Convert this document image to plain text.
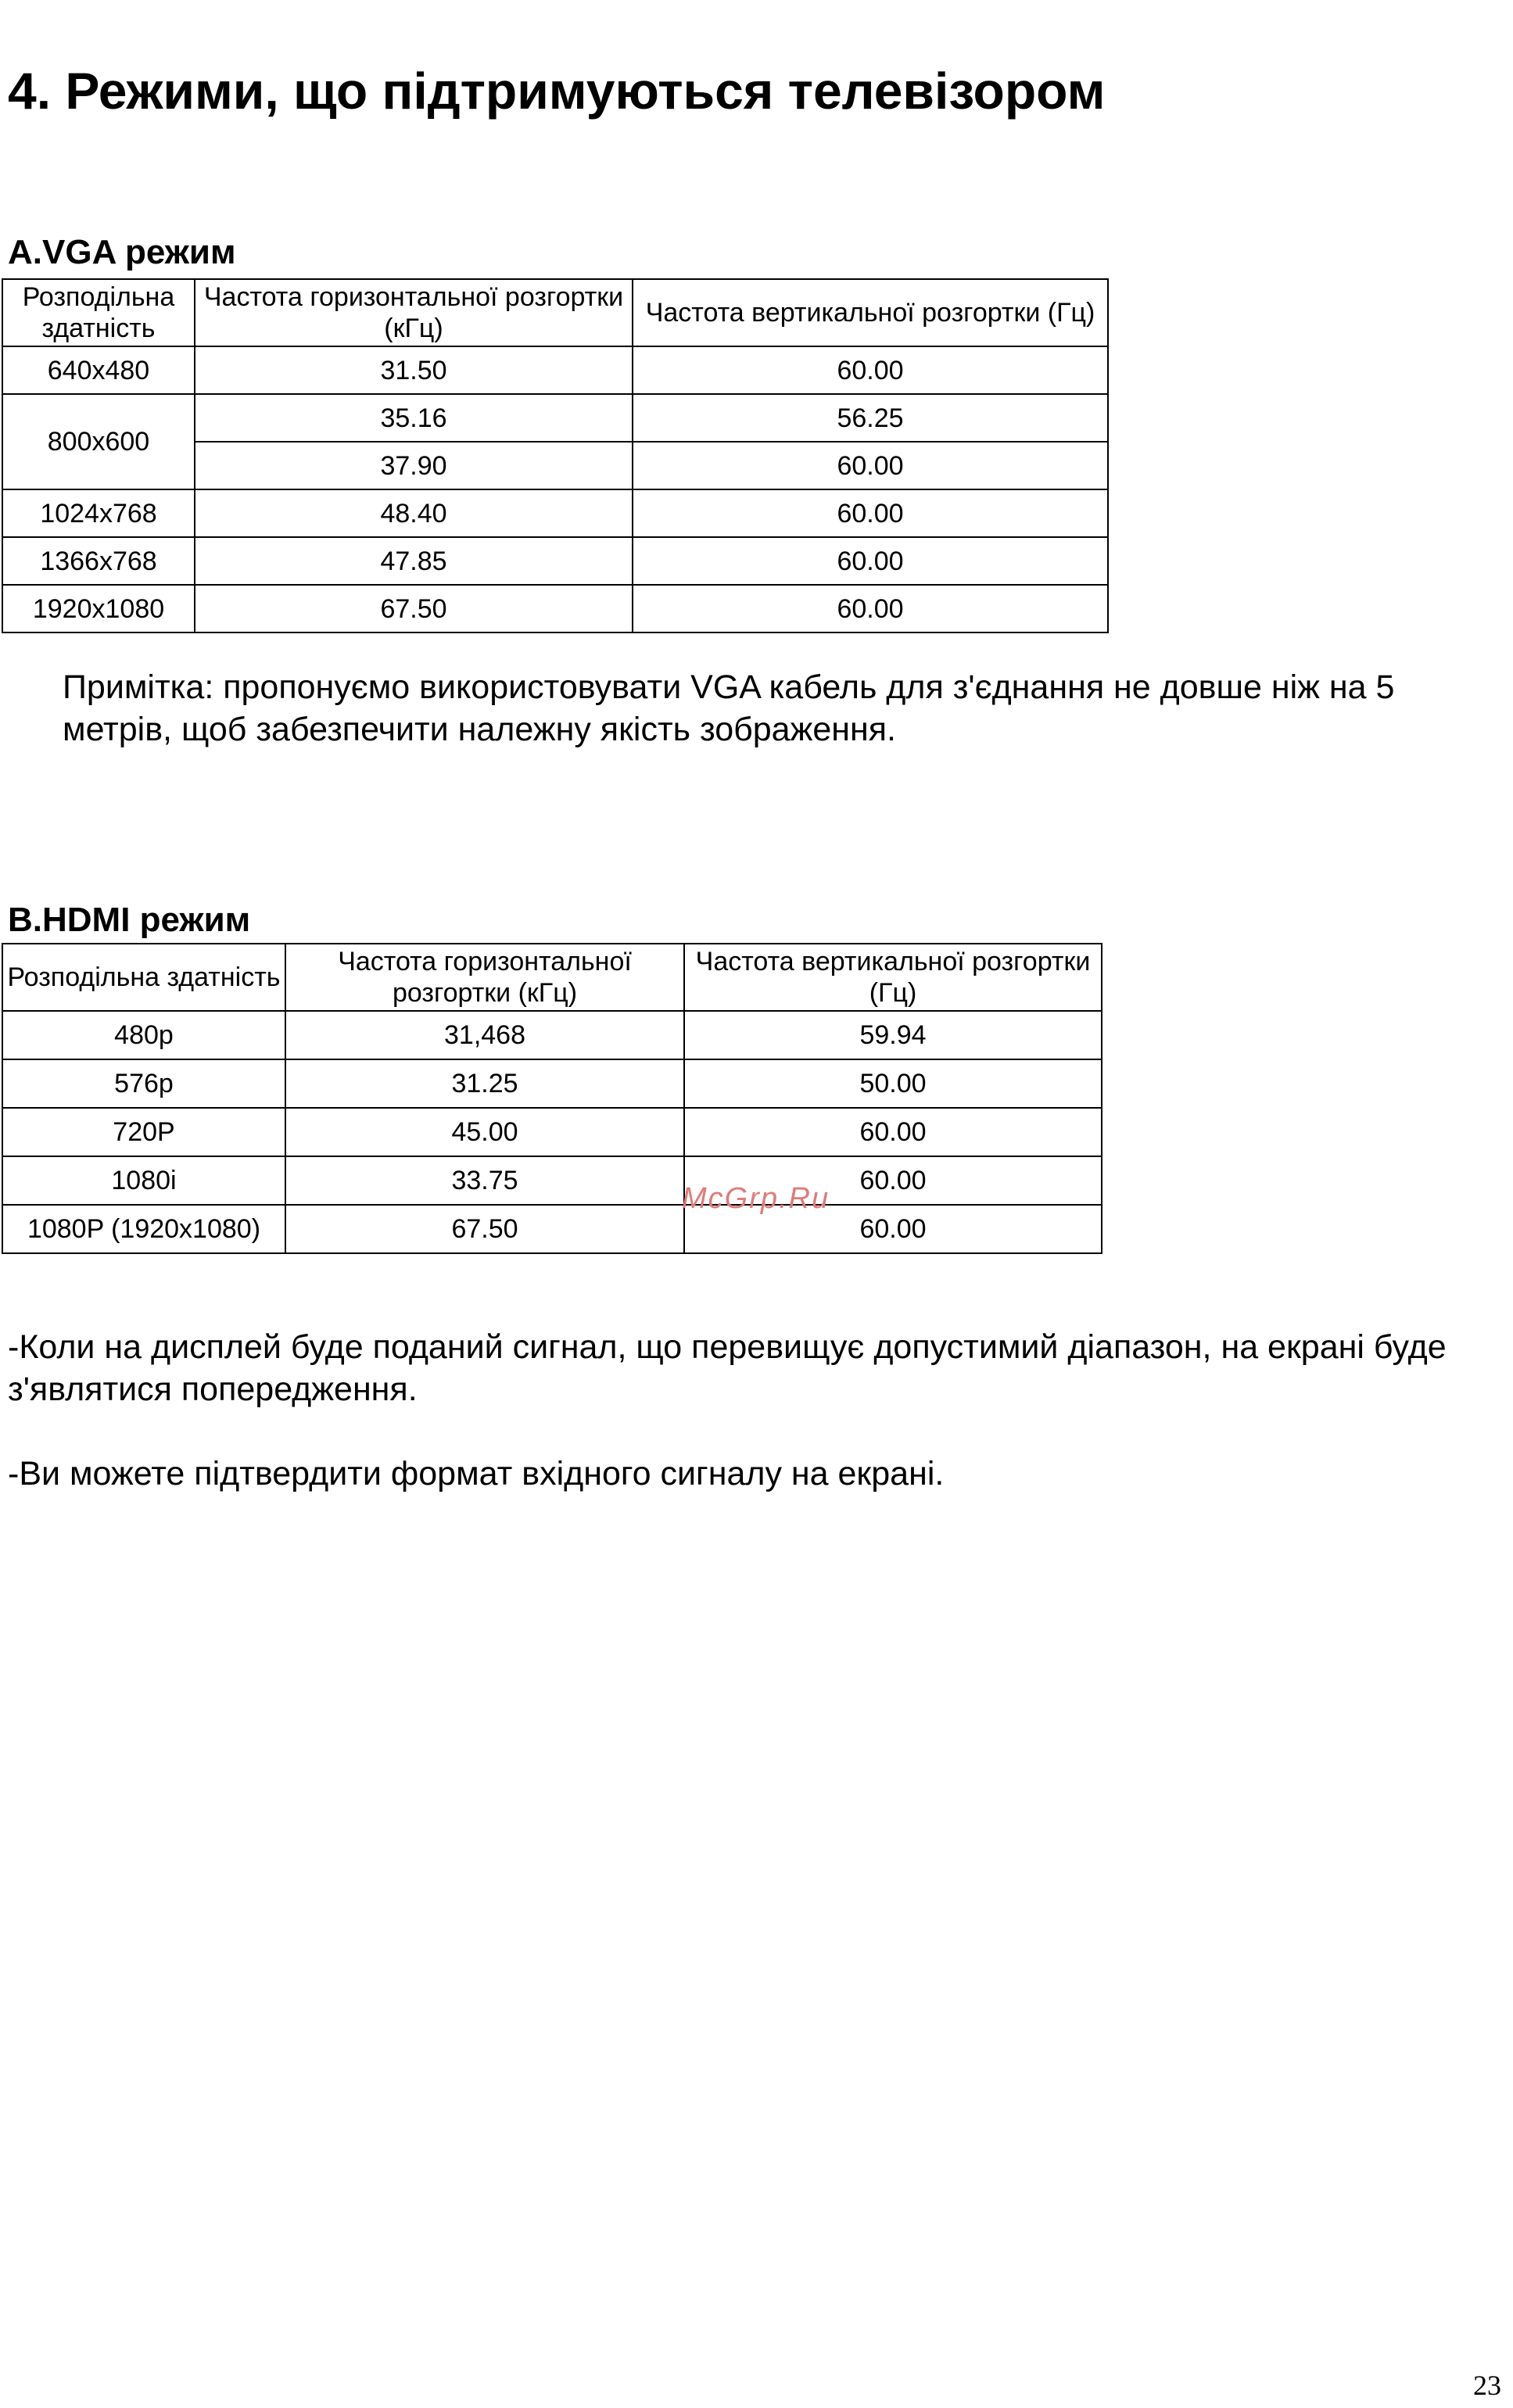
4. Режими, що підтримуються телевізором
A.VGA режим
Розподільна здатність	Частота горизонтальної розгортки (кГц)	Частота вертикальної розгортки (Гц)
640x480	31.50	60.00
800x600	35.16	56.25
	37.90	60.00
1024x768	48.40	60.00
1366x768	47.85	60.00
1920x1080	67.50	60.00

Примітка: пропонуємо використовувати VGA кабель для з'єднання не довше ніж на 5 метрів, щоб забезпечити належну якість зображення.

B.HDMI режим
Розподільна здатність	Частота горизонтальної розгортки (кГц)	Частота вертикальної розгортки (Гц)
480p	31,468	59.94
576p	31.25	50.00
720P	45.00	60.00
1080i	33.75	60.00
1080P (1920x1080)	67.50	60.00
McGrp.Ru

-Коли на дисплей буде поданий сигнал, що перевищує допустимий діапазон, на екрані буде з'являтися попередження.

-Ви можете підтвердити формат вхідного сигналу на екрані.

23
